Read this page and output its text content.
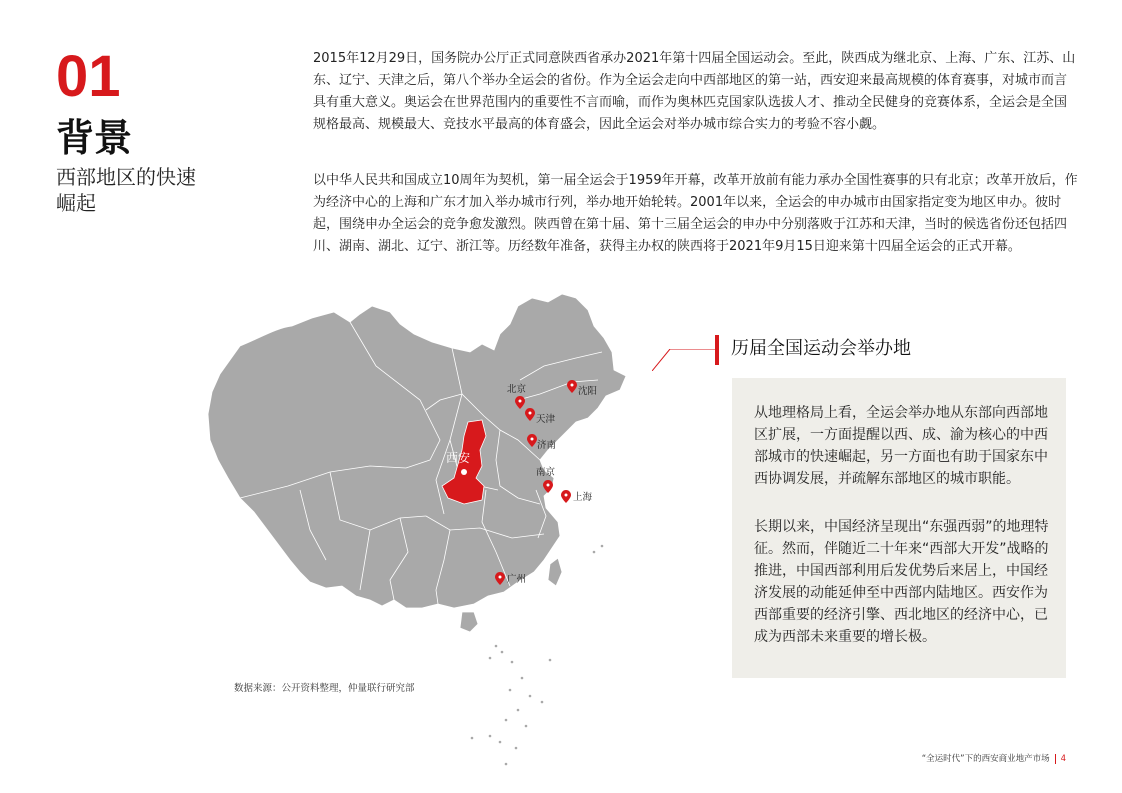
01
背景
西部地区的快速崛起

2015年12月29日，国务院办公厅正式同意陕西省承办2021年第十四届全国运动会。至此，陕西成为继北京、上海、广东、江苏、山东、辽宁、天津之后，第八个举办全运会的省份。作为全运会走向中西部地区的第一站，西安迎来最高规模的体育赛事，对城市而言具有重大意义。奥运会在世界范围内的重要性不言而喻，而作为奥林匹克国家队选拔人才、推动全民健身的竞赛体系，全运会是全国规格最高、规模最大、竞技水平最高的体育盛会，因此全运会对举办城市综合实力的考验不容小觑。

以中华人民共和国成立10周年为契机，第一届全运会于1959年开幕，改革开放前有能力承办全国性赛事的只有北京；改革开放后，作为经济中心的上海和广东才加入举办城市行列，举办地开始轮转。2001年以来，全运会的申办城市由国家指定变为地区申办。彼时起，围绕申办全运会的竞争愈发激烈。陕西曾在第十届、第十三届全运会的申办中分别落败于江苏和天津，当时的候选省份还包括四川、湖南、湖北、辽宁、浙江等。历经数年准备，获得主办权的陕西将于2021年9月15日迎来第十四届全运会的正式开幕。

西安
北京	沈阳
天津
济南
南京
上海
广州
历届全国运动会举办地

从地理格局上看，全运会举办地从东部向西部地区扩展，一方面提醒以西、成、渝为核心的中西部城市的快速崛起，另一方面也有助于国家东中西协调发展，并疏解东部地区的城市职能。

长期以来，中国经济呈现出“东强西弱”的地理特征。然而，伴随近二十年来“西部大开发”战略的推进，中国西部利用后发优势后来居上，中国经济发展的动能延伸至中西部内陆地区。西安作为西部重要的经济引擎、西北地区的经济中心，已成为西部未来重要的增长极。

数据来源：公开资料整理，仲量联行研究部
“全运时代”下的西安商业地产市场 4
